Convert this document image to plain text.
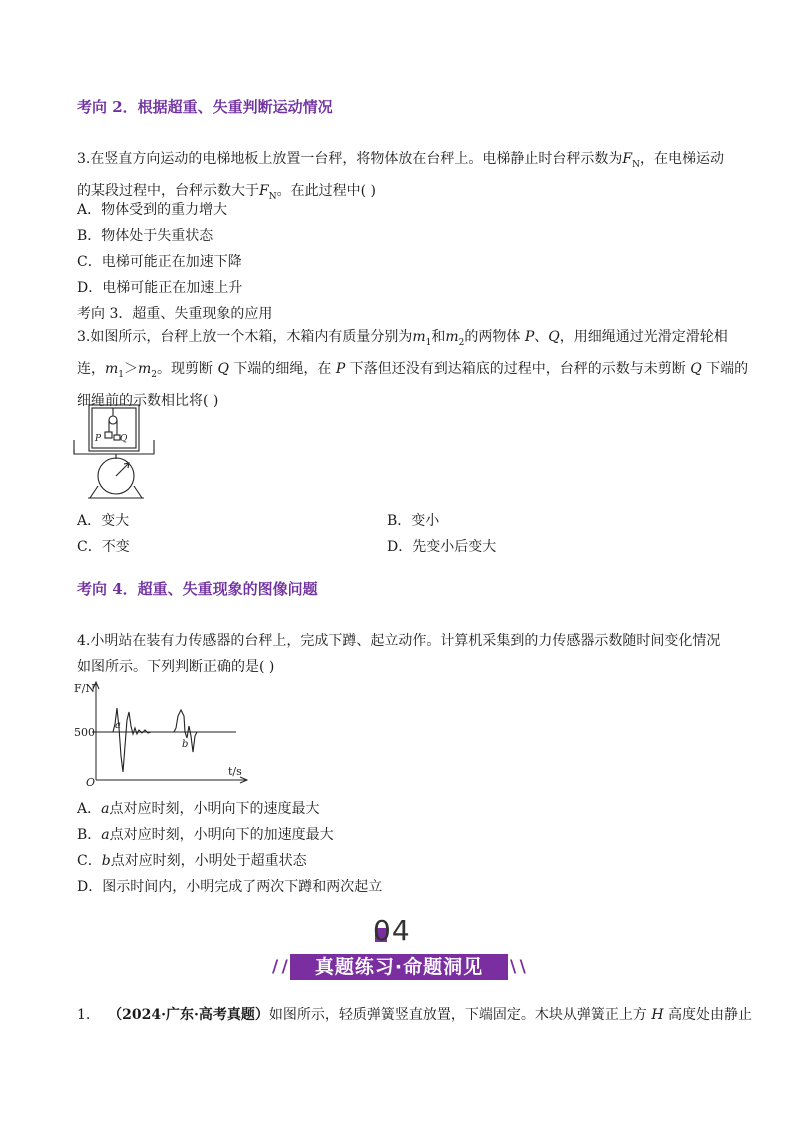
考向 2．根据超重、失重判断运动情况
3.在竖直方向运动的电梯地板上放置一台秤，将物体放在台秤上。电梯静止时台秤示数为$F_N$，在电梯运动
的某段过程中，台秤示数大于$F_N$。在此过程中( )
A．物体受到的重力增大
B．物体处于失重状态
C．电梯可能正在加速下降
D．电梯可能正在加速上升
考向 3．超重、失重现象的应用
3.如图所示，台秤上放一个木箱，木箱内有质量分别为$m_1$和$m_2$的两物体 P、Q，用细绳通过光滑定滑轮相
连，$m_1>m_2$。现剪断 Q 下端的细绳，在 P 下落但还没有到达箱底的过程中，台秤的示数与未剪断 Q 下端的
细绳前的示数相比将( )
P Q
A．变大	B．变小
C．不变	D．先变小后变大
考向 4．超重、失重现象的图像问题
4.小明站在装有力传感器的台秤上，完成下蹲、起立动作。计算机采集到的力传感器示数随时间变化情况
如图所示。下列判断正确的是( )
F/N
500
O
t/s
a
b
A．a点对应时刻，小明向下的速度最大
B．a点对应时刻，小明向下的加速度最大
C．b点对应时刻，小明处于超重状态
D．图示时间内，小明完成了两次下蹲和两次起立
04
/ /	真题练习·命题洞见	\ \
1. （2024·广东·高考真题）如图所示，轻质弹簧竖直放置，下端固定。木块从弹簧正上方 H 高度处由静止
